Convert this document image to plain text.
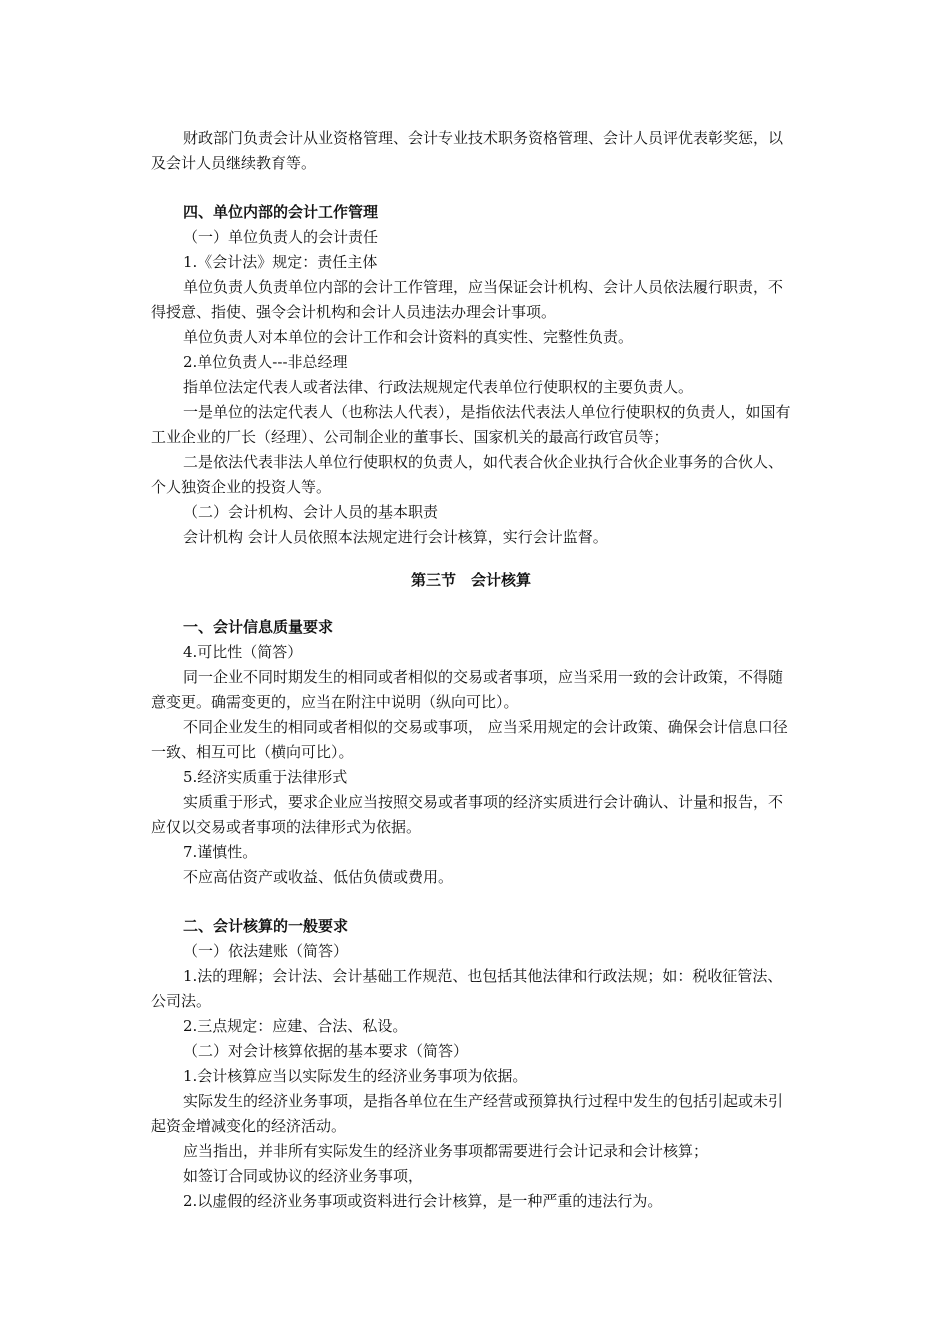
财政部门负责会计从业资格管理、会计专业技术职务资格管理、会计人员评优表彰奖惩，以及会计人员继续教育等。

四、单位内部的会计工作管理

（一）单位负责人的会计责任

1.《会计法》规定：责任主体

单位负责人负责单位内部的会计工作管理，应当保证会计机构、会计人员依法履行职责，不得授意、指使、强令会计机构和会计人员违法办理会计事项。

单位负责人对本单位的会计工作和会计资料的真实性、完整性负责。

2.单位负责人---非总经理

指单位法定代表人或者法律、行政法规规定代表单位行使职权的主要负责人。

一是单位的法定代表人（也称法人代表），是指依法代表法人单位行使职权的负责人，如国有工业企业的厂长（经理）、公司制企业的董事长、国家机关的最高行政官员等；

二是依法代表非法人单位行使职权的负责人，如代表合伙企业执行合伙企业事务的合伙人、个人独资企业的投资人等。

（二）会计机构、会计人员的基本职责

会计机构 会计人员依照本法规定进行会计核算，实行会计监督。

第三节　会计核算

一、会计信息质量要求

4.可比性（简答）

同一企业不同时期发生的相同或者相似的交易或者事项，应当采用一致的会计政策，不得随意变更。确需变更的，应当在附注中说明（纵向可比）。

不同企业发生的相同或者相似的交易或事项， 应当采用规定的会计政策、确保会计信息口径一致、相互可比（横向可比）。

5.经济实质重于法律形式

实质重于形式，要求企业应当按照交易或者事项的经济实质进行会计确认、计量和报告，不应仅以交易或者事项的法律形式为依据。

7.谨慎性。

不应高估资产或收益、低估负债或费用。

二、会计核算的一般要求

（一）依法建账（简答）

1.法的理解；会计法、会计基础工作规范、也包括其他法律和行政法规；如：税收征管法、公司法。

2.三点规定：应建、合法、私设。

（二）对会计核算依据的基本要求（简答）

1.会计核算应当以实际发生的经济业务事项为依据。

实际发生的经济业务事项，是指各单位在生产经营或预算执行过程中发生的包括引起或未引起资金增减变化的经济活动。

应当指出，并非所有实际发生的经济业务事项都需要进行会计记录和会计核算；

如签订合同或协议的经济业务事项，

2.以虚假的经济业务事项或资料进行会计核算，是一种严重的违法行为。
